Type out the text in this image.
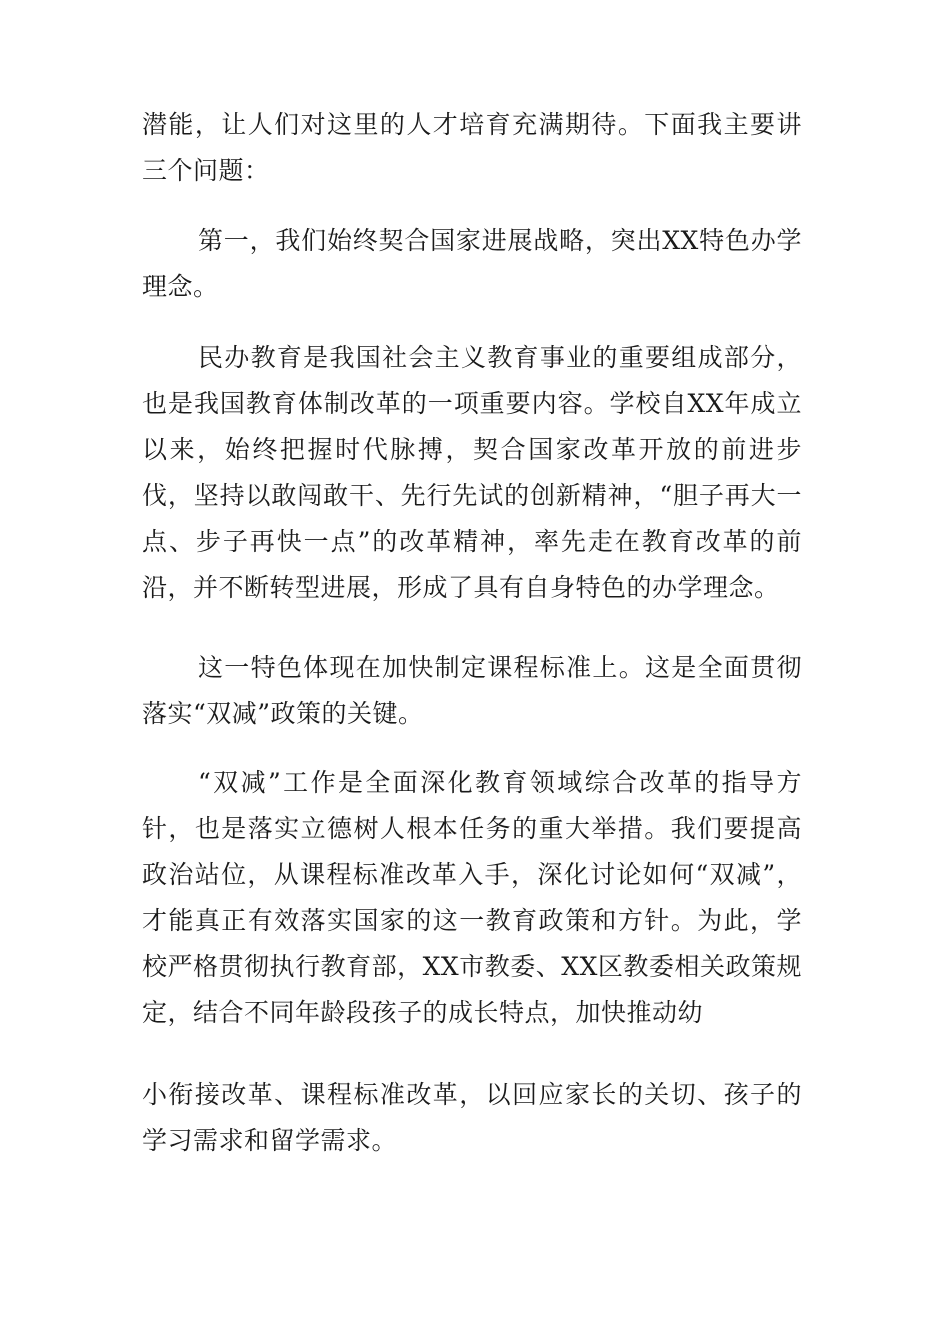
潜能，让人们对这里的人才培育充满期待。下面我主要讲三个问题：

第一，我们始终契合国家进展战略，突出XX特色办学理念。

民办教育是我国社会主义教育事业的重要组成部分，也是我国教育体制改革的一项重要内容。学校自XX年成立以来，始终把握时代脉搏，契合国家改革开放的前进步伐，坚持以敢闯敢干、先行先试的创新精神，“胆子再大一点、步子再快一点”的改革精神，率先走在教育改革的前沿，并不断转型进展，形成了具有自身特色的办学理念。

这一特色体现在加快制定课程标准上。这是全面贯彻落实“双减”政策的关键。

“双减”工作是全面深化教育领域综合改革的指导方针，也是落实立德树人根本任务的重大举措。我们要提高政治站位，从课程标准改革入手，深化讨论如何“双减”，才能真正有效落实国家的这一教育政策和方针。为此，学校严格贯彻执行教育部，XX市教委、XX区教委相关政策规定，结合不同年龄段孩子的成长特点，加快推动幼

小衔接改革、课程标准改革，以回应家长的关切、孩子的学习需求和留学需求。
